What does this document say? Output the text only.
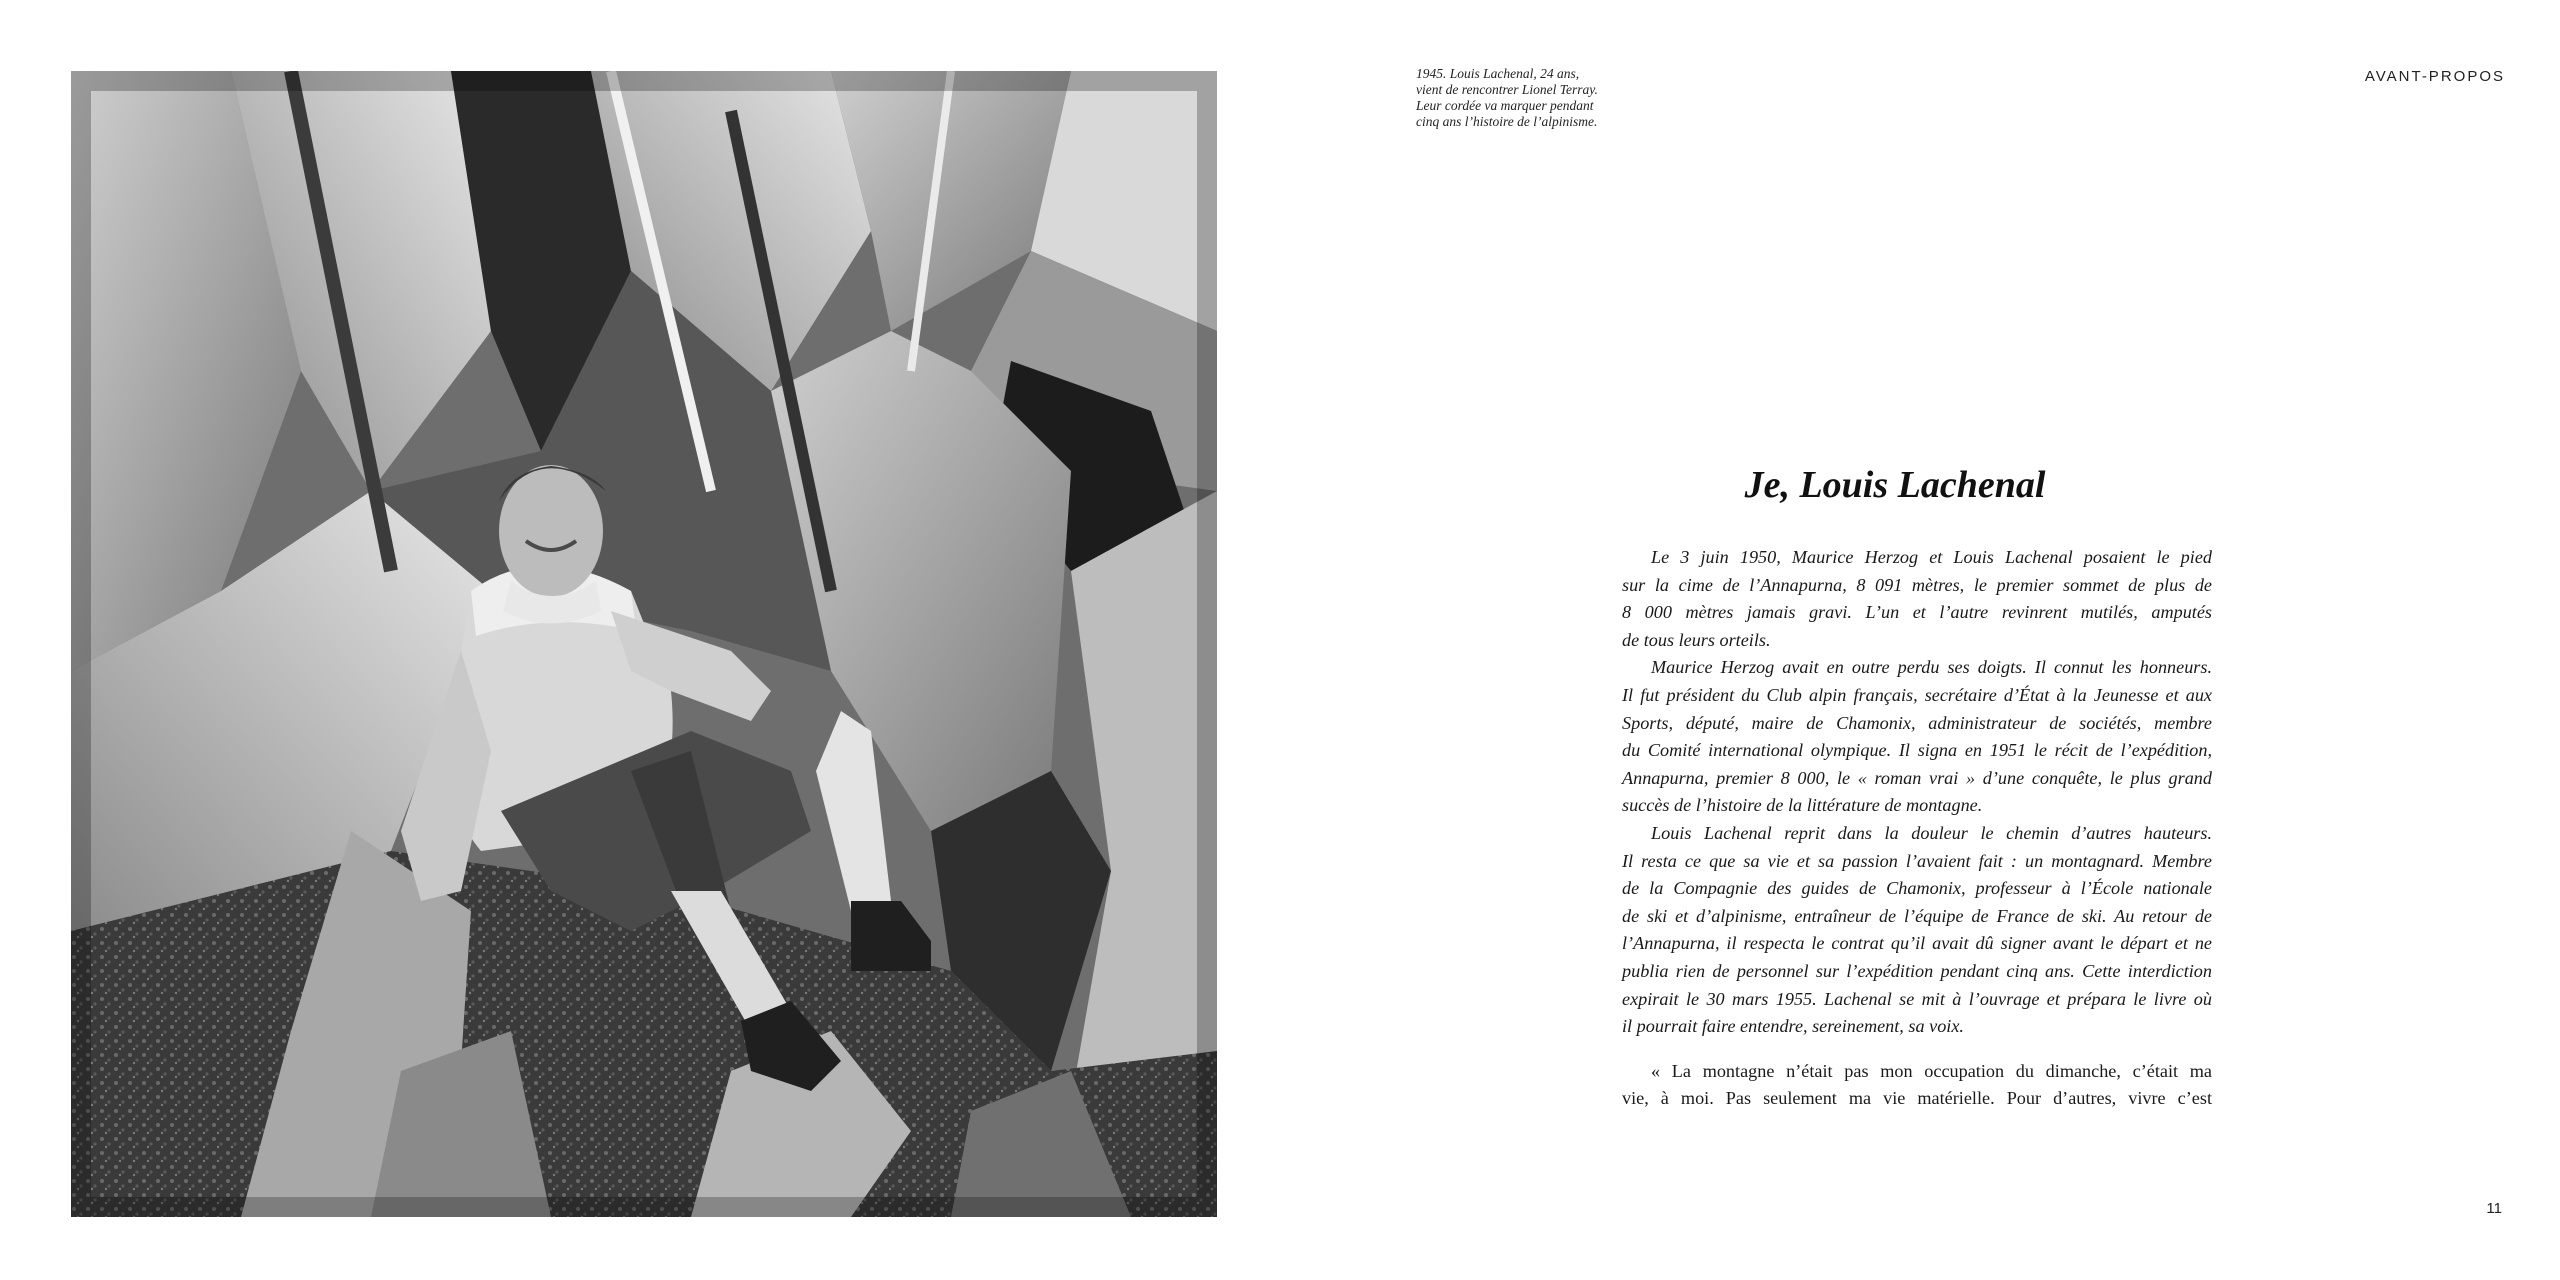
1945. Louis Lachenal, 24 ans,
vient de rencontrer Lionel Terray.
Leur cordée va marquer pendant
cinq ans l’histoire de l’alpinisme.
AVANT-PROPOS
Je, Louis Lachenal
Le 3 juin 1950, Maurice Herzog et Louis Lachenal posaient le pied
sur la cime de l’Annapurna, 8 091 mètres, le premier sommet de plus de
8 000 mètres jamais gravi. L’un et l’autre revinrent mutilés, amputés
de tous leurs orteils.
Maurice Herzog avait en outre perdu ses doigts. Il connut les honneurs.
Il fut président du Club alpin français, secrétaire d’État à la Jeunesse et aux
Sports, député, maire de Chamonix, administrateur de sociétés, membre
du Comité international olympique. Il signa en 1951 le récit de l’expédition,
Annapurna, premier 8 000, le « roman vrai » d’une conquête, le plus grand
succès de l’histoire de la littérature de montagne.
Louis Lachenal reprit dans la douleur le chemin d’autres hauteurs.
Il resta ce que sa vie et sa passion l’avaient fait : un montagnard. Membre
de la Compagnie des guides de Chamonix, professeur à l’École nationale
de ski et d’alpinisme, entraîneur de l’équipe de France de ski. Au retour de
l’Annapurna, il respecta le contrat qu’il avait dû signer avant le départ et ne
publia rien de personnel sur l’expédition pendant cinq ans. Cette interdiction
expirait le 30 mars 1955. Lachenal se mit à l’ouvrage et prépara le livre où
il pourrait faire entendre, sereinement, sa voix.
« La montagne n’était pas mon occupation du dimanche, c’était ma
vie, à moi. Pas seulement ma vie matérielle. Pour d’autres, vivre c’est
11
